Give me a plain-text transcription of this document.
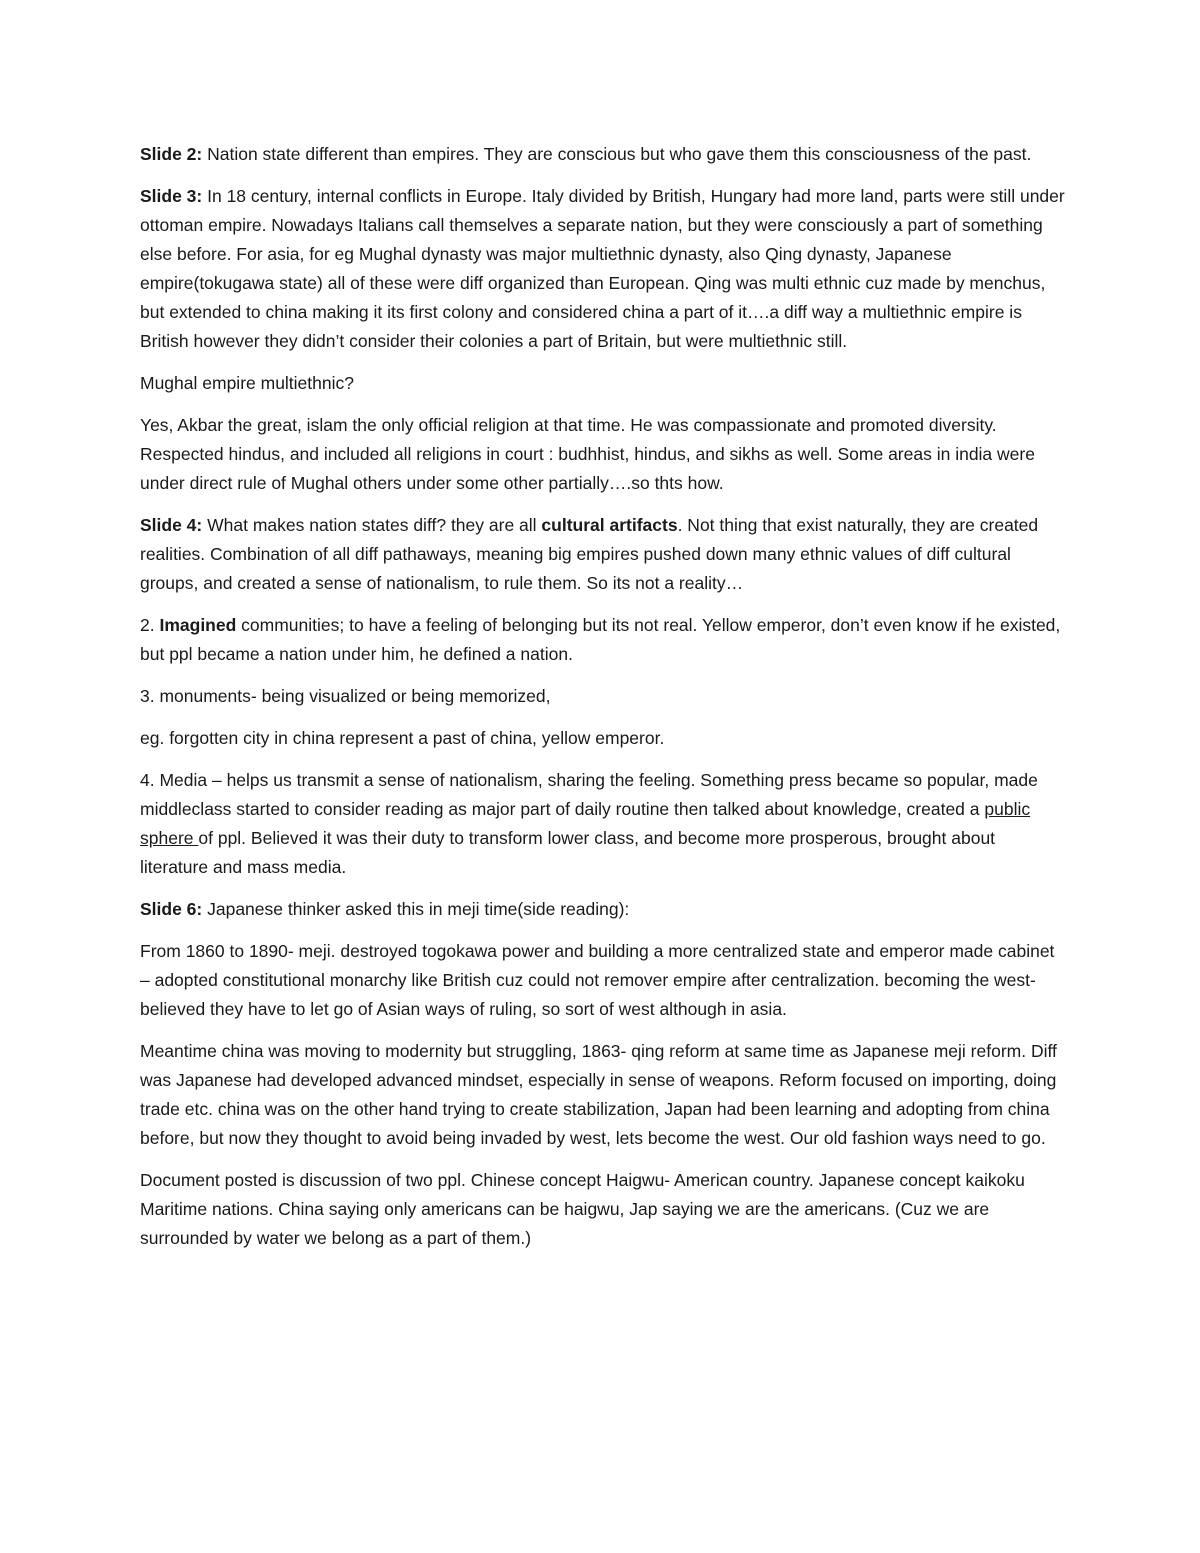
Slide 2: Nation state different than empires. They are conscious but who gave them this consciousness of the past.

Slide 3: In 18 century, internal conflicts in Europe. Italy divided by British, Hungary had more land, parts were still under ottoman empire. Nowadays Italians call themselves a separate nation, but they were consciously a part of something else before. For asia, for eg Mughal dynasty was major multiethnic dynasty, also Qing dynasty, Japanese empire(tokugawa state) all of these were diff organized than European. Qing was multi ethnic cuz made by menchus, but extended to china making it its first colony and considered china a part of it….a diff way a multiethnic empire is British however they didn’t consider their colonies a part of Britain, but were multiethnic still.

Mughal empire multiethnic?

Yes, Akbar the great, islam the only official religion at that time. He was compassionate and promoted diversity. Respected hindus, and included all religions in court : budhhist, hindus, and sikhs as well. Some areas in india were under direct rule of Mughal others under some other partially….so thts how.

Slide 4: What makes nation states diff? they are all cultural artifacts. Not thing that exist naturally, they are created realities. Combination of all diff pathaways, meaning big empires pushed down many ethnic values of diff cultural groups, and created a sense of nationalism, to rule them. So its not a reality…

2. Imagined communities; to have a feeling of belonging but its not real. Yellow emperor, don’t even know if he existed, but ppl became a nation under him, he defined a nation.

3. monuments- being visualized or being memorized,

eg. forgotten city in china represent a past of china, yellow emperor.

4. Media – helps us transmit a sense of nationalism, sharing the feeling. Something press became so popular, made middleclass started to consider reading as major part of daily routine then talked about knowledge, created a public sphere of ppl. Believed it was their duty to transform lower class, and become more prosperous, brought about literature and mass media.

Slide 6: Japanese thinker asked this in meji time(side reading):

From 1860 to 1890- meji. destroyed togokawa power and building a more centralized state and emperor made cabinet – adopted constitutional monarchy like British cuz could not remover empire after centralization. becoming the west- believed they have to let go of Asian ways of ruling, so sort of west although in asia.

Meantime china was moving to modernity but struggling, 1863- qing reform at same time as Japanese meji reform. Diff was Japanese had developed advanced mindset, especially in sense of weapons. Reform focused on importing, doing trade etc. china was on the other hand trying to create stabilization, Japan had been learning and adopting from china before, but now they thought to avoid being invaded by west, lets become the west. Our old fashion ways need to go.

Document posted is discussion of two ppl. Chinese concept Haigwu- American country. Japanese concept kaikoku Maritime nations. China saying only americans can be haigwu, Jap saying we are the americans. (Cuz we are surrounded by water we belong as a part of them.)
